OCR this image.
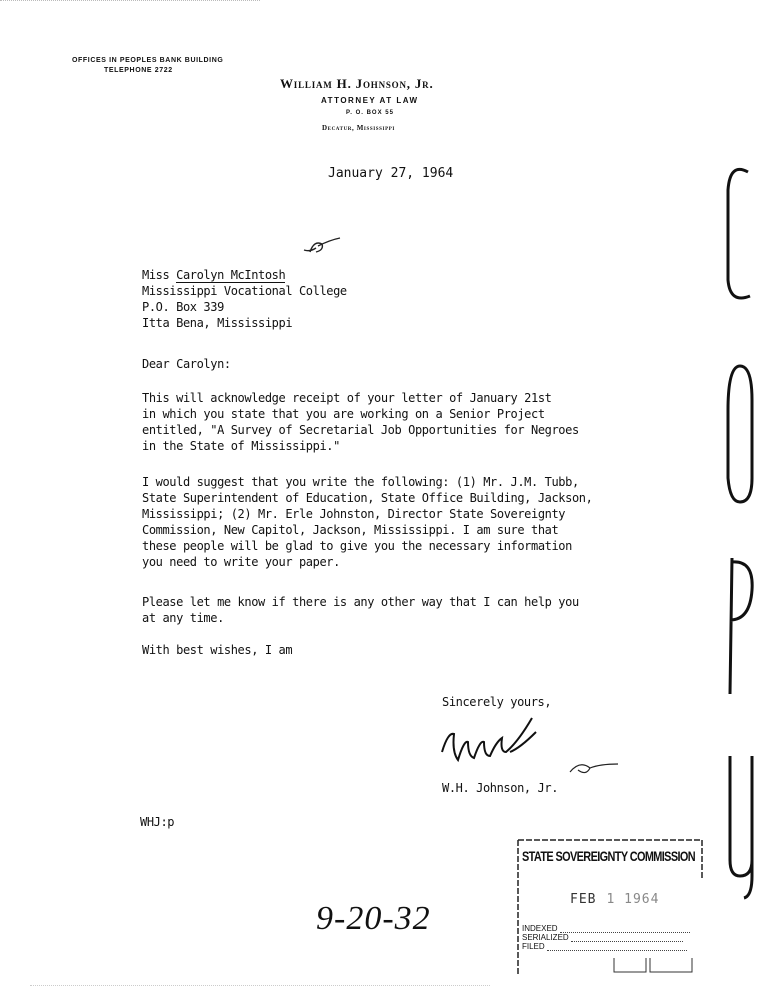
OFFICES IN PEOPLES BANK BUILDING
TELEPHONE 2722
William H. Johnson, Jr.
ATTORNEY AT LAW
P. O. BOX 55
Decatur, Mississippi
January 27, 1964
Miss Carolyn McIntosh
Mississippi Vocational College
P.O. Box 339
Itta Bena, Mississippi
Dear Carolyn:
This will acknowledge receipt of your letter of January 21st
in which you state that you are working on a Senior Project
entitled, "A Survey of Secretarial Job Opportunities for Negroes
in the State of Mississippi."
I would suggest that you write the following: (1) Mr. J.M. Tubb,
State Superintendent of Education, State Office Building, Jackson,
Mississippi; (2) Mr. Erle Johnston, Director State Sovereignty
Commission, New Capitol, Jackson, Mississippi. I am sure that
these people will be glad to give you the necessary information
you need to write your paper.
Please let me know if there is any other way that I can help you
at any time.
With best wishes, I am
Sincerely yours,
W.H. Johnson, Jr.
WHJ:p
STATE SOVEREIGNTY COMMISSION
FEB 1 1964
INDEXED
SERIALIZED
FILED
9-20-32
